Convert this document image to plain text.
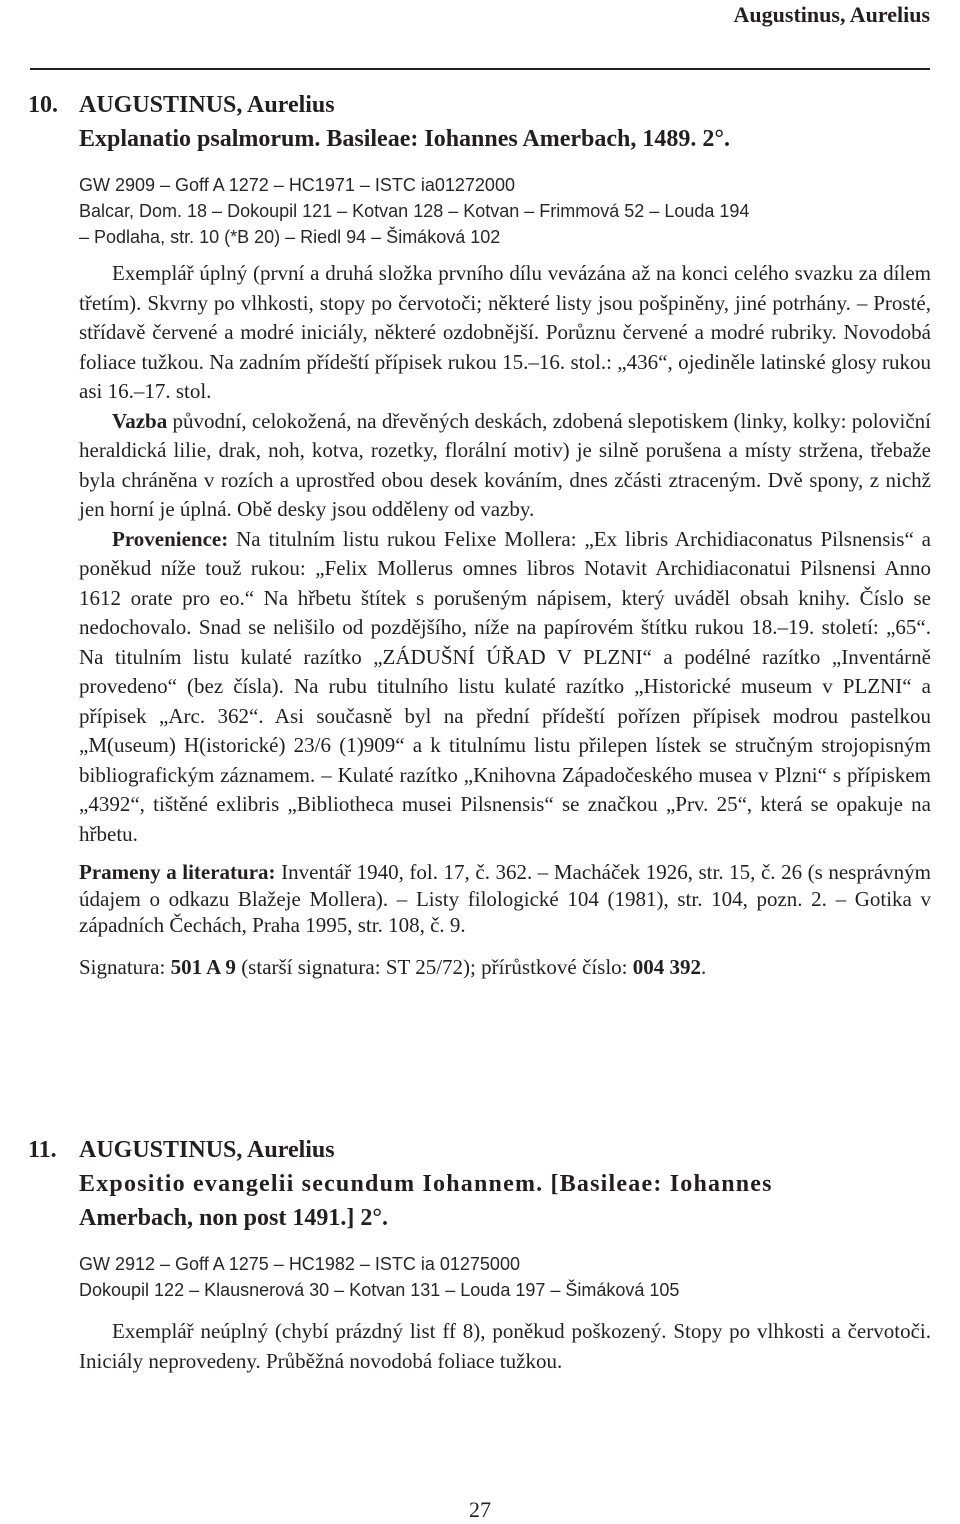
Augustinus, Aurelius
10. AUGUSTINUS, Aurelius

Explanatio psalmorum. Basileae: Iohannes Amerbach, 1489. 2°.

GW 2909 – Goff A 1272 – HC1971 – ISTC ia01272000

Balcar, Dom. 18 – Dokoupil 121 – Kotvan 128 – Kotvan – Frimmová 52 – Louda 194

– Podlaha, str. 10 (*B 20) – Riedl 94 – Šimáková 102

Exemplář úplný (první a druhá složka prvního dílu vevázána až na konci celého svazku za dílem třetím). Skvrny po vlhkosti, stopy po červotoči; některé listy jsou pošpiněny, jiné potrhány. – Prosté, střídavě červené a modré iniciály, některé ozdobnější. Porůznu červené a modré rubriky. Novodobá foliace tužkou. Na zadním přídeští přípisek rukou 15.–16. stol.: „436“, ojediněle latinské glosy rukou asi 16.–17. stol.

Vazba původní, celokožená, na dřevěných deskách, zdobená slepotiskem (linky, kolky: poloviční heraldická lilie, drak, noh, kotva, rozetky, florální motiv) je silně porušena a místy stržena, třebaže byla chráněna v rozích a uprostřed obou desek kováním, dnes zčásti ztraceným. Dvě spony, z nichž jen horní je úplná. Obě desky jsou odděleny od vazby.

Provenience: Na titulním listu rukou Felixe Mollera: „Ex libris Archidiaconatus Pilsnensis“ a poněkud níže touž rukou: „Felix Mollerus omnes libros Notavit Archidiaconatui Pilsnensi Anno 1612 orate pro eo.“ Na hřbetu štítek s porušeným nápisem, který uváděl obsah knihy. Číslo se nedochovalo. Snad se nelišilo od pozdějšího, níže na papírovém štítku rukou 18.–19. století: „65“. Na titulním listu kulaté razítko „ZÁDUŠNÍ ÚŘAD V PLZNI“ a podélné razítko „Inventárně provedeno“ (bez čísla). Na rubu titulního listu kulaté razítko „Historické museum v PLZNI“ a přípisek „Arc. 362“. Asi současně byl na přední přídeští pořízen přípisek modrou pastelkou „M(useum) H(istorické) 23/6 (1)909“ a k titulnímu listu přilepen lístek se stručným strojopisným bibliografickým záznamem. – Kulaté razítko „Knihovna Západočeského musea v Plzni“ s přípiskem „4392“, tištěné exlibris „Bibliotheca musei Pilsnensis“ se značkou „Prv. 25“, která se opakuje na hřbetu.

Prameny a literatura: Inventář 1940, fol. 17, č. 362. – Macháček 1926, str. 15, č. 26 (s nesprávným údajem o odkazu Blažeje Mollera). – Listy filologické 104 (1981), str. 104, pozn. 2. – Gotika v západních Čechách, Praha 1995, str. 108, č. 9.

Signatura: 501 A 9 (starší signatura: ST 25/72); přírůstkové číslo: 004 392.

11. AUGUSTINUS, Aurelius

Expositio evangelii secundum Iohannem. [Basileae: Iohannes

Amerbach, non post 1491.] 2°.

GW 2912 – Goff A 1275 – HC1982 – ISTC ia 01275000

Dokoupil 122 – Klausnerová 30 – Kotvan 131 – Louda 197 – Šimáková 105

Exemplář neúplný (chybí prázdný list ff 8), poněkud poškozený. Stopy po vlhkosti a červotoči. Iniciály neprovedeny. Průběžná novodobá foliace tužkou.

27
